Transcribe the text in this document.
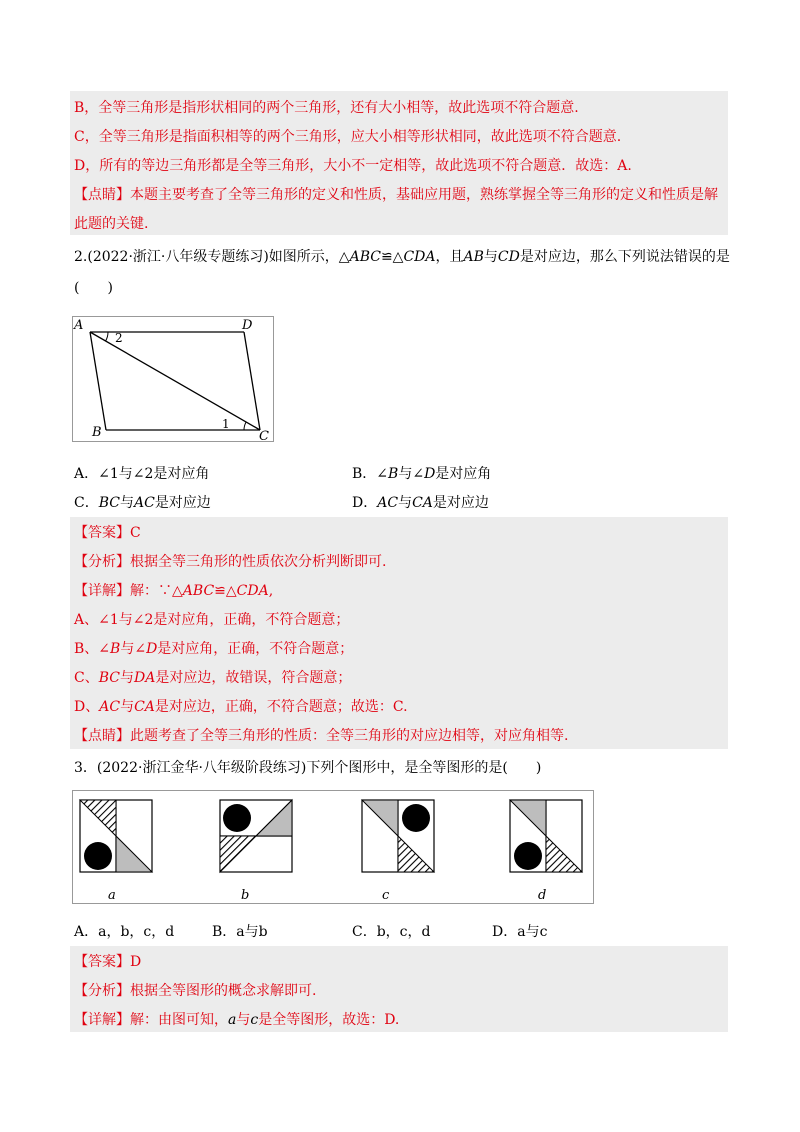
B，全等三角形是指形状相同的两个三角形，还有大小相等，故此选项不符合题意.
C，全等三角形是指面积相等的两个三角形，应大小相等形状相同，故此选项不符合题意.
D，所有的等边三角形都是全等三角形，大小不一定相等，故此选项不符合题意．故选：A.
【点睛】本题主要考查了全等三角形的定义和性质，基础应用题，熟练掌握全等三角形的定义和性质是解
此题的关键.
2.(2022·浙江·八年级专题练习)如图所示，△ABC≌△CDA，且AB与CD是对应边，那么下列说法错误的是
(　　)
A	D
B	C
2
1
A．∠1与∠2是对应角	B．∠B与∠D是对应角
C．BC与AC是对应边	D．AC与CA是对应边
【答案】C
【分析】根据全等三角形的性质依次分析判断即可.
【详解】解：∵△ABC≌△CDA,
A、∠1与∠2是对应角，正确，不符合题意；
B、∠B与∠D是对应角，正确，不符合题意；
C、BC与DA是对应边，故错误，符合题意；
D、AC与CA是对应边，正确，不符合题意；故选：C.
【点睛】此题考查了全等三角形的性质：全等三角形的对应边相等，对应角相等.
3．(2022·浙江金华·八年级阶段练习)下列个图形中，是全等图形的是(　　)
a	b	c	d
A．a，b，c，d	B．a与b	C．b，c，d	D．a与c
【答案】D
【分析】根据全等图形的概念求解即可.
【详解】解：由图可知，a与c是全等图形，故选：D.
